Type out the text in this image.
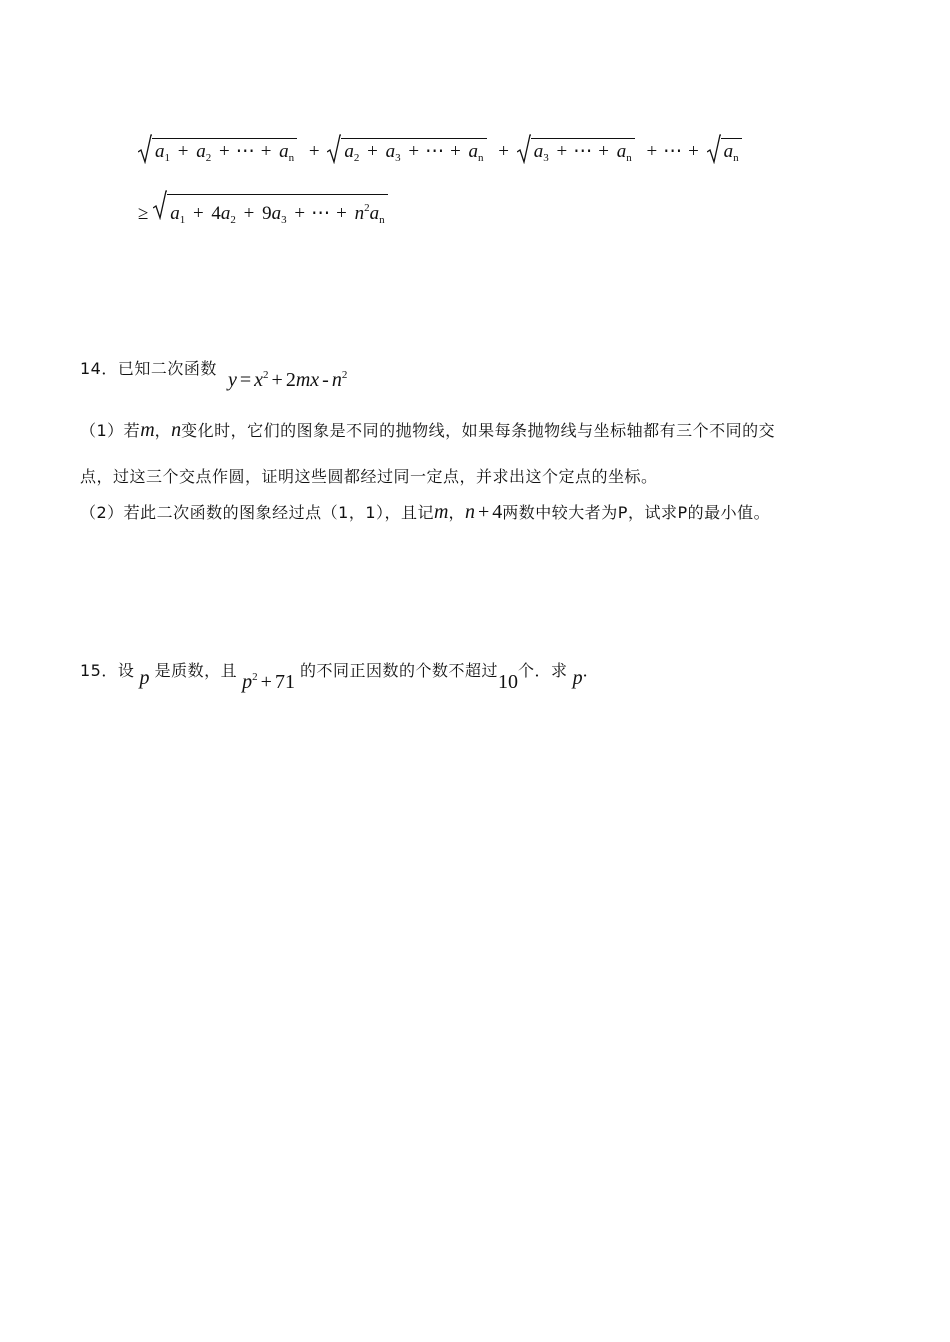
$a_1 + a_2$ + ⋯ + $a_n + a_2 + a_3$ + ⋯ + $a_n + a_3$ + ⋯ + $a_n$ + ⋯ + $a_n$
≥ $a_1 + 4a_2 + 9a_3$ + ⋯ + $n^2a_n$
14．已知二次函数 $y = x^2 + 2mx - n^2$
（1）若m，n变化时，它们的图象是不同的抛物线，如果每条抛物线与坐标轴都有三个不同的交
点，过这三个交点作圆，证明这些圆都经过同一定点，并求出这个定点的坐标。
（2）若此二次函数的图象经过点（1，1），且记m，n + 4两数中较大者为P，试求P的最小值。
15．设 p 是质数，且 $p^2 + 71$ 的不同正因数的个数不超过10个．求 p．
